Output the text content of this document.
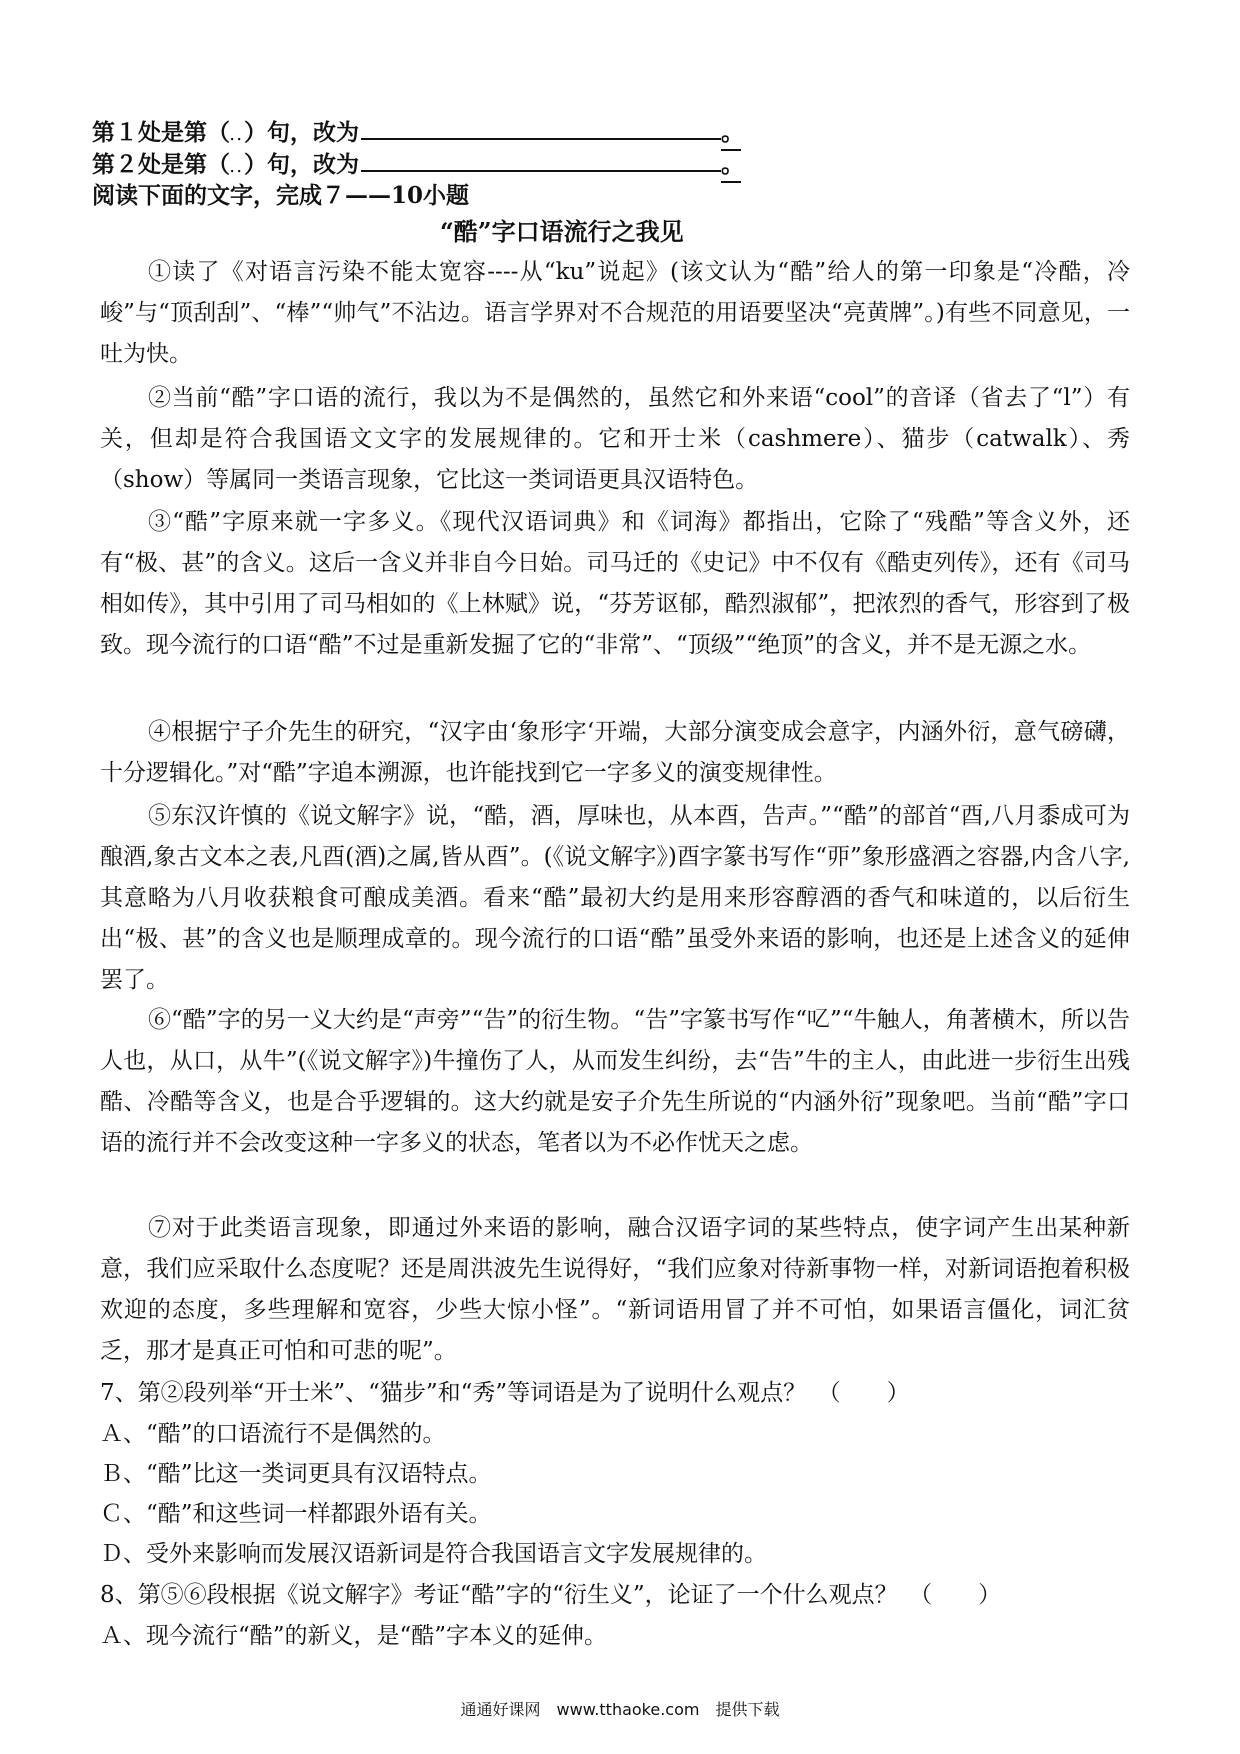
第１处是第（．．）句，改为	。
第２处是第（．．）句，改为	。
阅读下面的文字，完成７——10小题
“酷”字口语流行之我见
①读了《对语言污染不能太宽容----从“ku”说起》(该文认为“酷”给人的第一印象是“冷酷，冷峻”与“顶刮刮”、“棒”“帅气”不沾边。语言学界对不合规范的用语要坚决“亮黄牌”。)有些不同意见，一吐为快。
②当前“酷”字口语的流行，我以为不是偶然的，虽然它和外来语“cool”的音译（省去了“l”）有关，但却是符合我国语文文字的发展规律的。它和开士米（cashmere）、猫步（catwalk）、秀（show）等属同一类语言现象，它比这一类词语更具汉语特色。
③“酷”字原来就一字多义。《现代汉语词典》和《词海》都指出，它除了“残酷”等含义外，还有“极、甚”的含义。这后一含义并非自今日始。司马迁的《史记》中不仅有《酷吏列传》，还有《司马相如传》，其中引用了司马相如的《上林赋》说，“芬芳讴郁，酷烈淑郁”，把浓烈的香气，形容到了极致。现今流行的口语“酷”不过是重新发掘了它的“非常”、“顶级”“绝顶”的含义，并不是无源之水。
④根据宁子介先生的研究，“汉字由‘象形字‘开端，大部分演变成会意字，内涵外衍，意气磅礴，十分逻辑化。”对“酷”字追本溯源，也许能找到它一字多义的演变规律性。
⑤东汉许慎的《说文解字》说，“酷，酒，厚味也，从本酉，告声。”“酷”的部首“酉,八月黍成可为酿酒,象古文本之表,凡酉(酒)之属,皆从酉”。(《说文解字》)酉字篆书写作“丣”象形盛酒之容器,内含八字,其意略为八月收获粮食可酿成美酒。看来“酷”最初大约是用来形容醇酒的香气和味道的，以后衍生出“极、甚”的含义也是顺理成章的。现今流行的口语“酷”虽受外来语的影响，也还是上述含义的延伸罢了。
⑥“酷”字的另一义大约是“声旁”“告”的衍生物。“告”字篆书写作“𠮙”“牛触人，角著横木，所以告人也，从口，从牛”(《说文解字》)牛撞伤了人，从而发生纠纷，去“告”牛的主人，由此进一步衍生出残酷、冷酷等含义，也是合乎逻辑的。这大约就是安子介先生所说的“内涵外衍”现象吧。当前“酷”字口语的流行并不会改变这种一字多义的状态，笔者以为不必作忧天之虑。
⑦对于此类语言现象，即通过外来语的影响，融合汉语字词的某些特点，使字词产生出某种新意，我们应采取什么态度呢？还是周洪波先生说得好，“我们应象对待新事物一样，对新词语抱着积极欢迎的态度，多些理解和宽容，少些大惊小怪”。“新词语用冒了并不可怕，如果语言僵化，词汇贫乏，那才是真正可怕和可悲的呢”。
7、第②段列举“开士米”、“猫步”和“秀”等词语是为了说明什么观点？　（　　）
Ａ、“酷”的口语流行不是偶然的。
Ｂ、“酷”比这一类词更具有汉语特点。
Ｃ、“酷”和这些词一样都跟外语有关。
Ｄ、受外来影响而发展汉语新词是符合我国语言文字发展规律的。
8、第⑤⑥段根据《说文解字》考证“酷”字的“衍生义”，论证了一个什么观点？　（　　）
Ａ、现今流行“酷”的新义，是“酷”字本义的延伸。
通通好课网　www.tthaoke.com　提供下载
